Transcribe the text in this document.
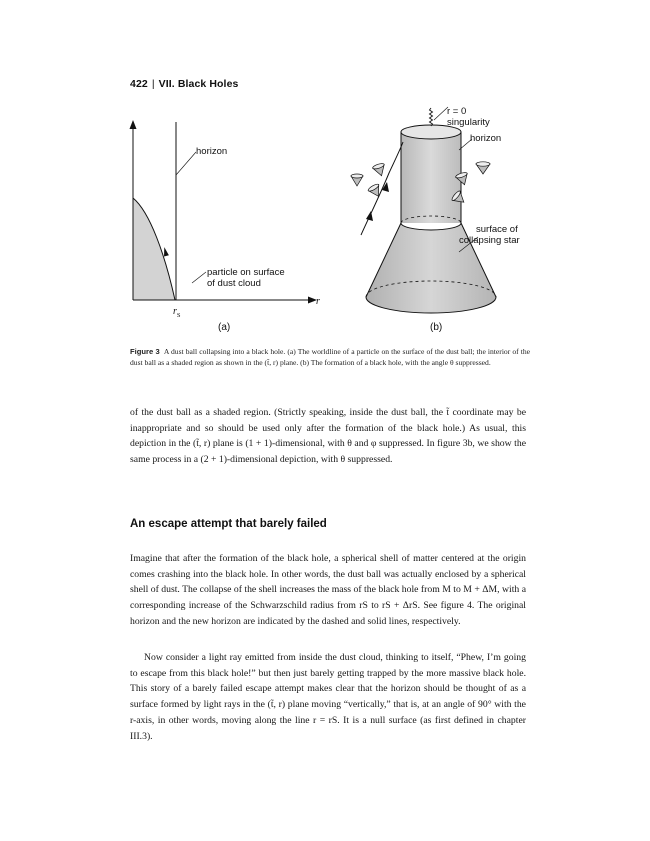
422 | VII. Black Holes
horizon
particle on surface
of dust cloud
r
$r_S$
(a)
r = 0
singularity
horizon
surface of
collapsing star
(b)
Figure 3 A dust ball collapsing into a black hole. (a) The worldline of a particle on the surface of the dust ball; the interior of the dust ball as a shaded region as shown in the (t̃, r) plane. (b) The formation of a black hole, with the angle θ suppressed.

of the dust ball as a shaded region. (Strictly speaking, inside the dust ball, the t̃ coordinate may be inappropriate and so should be used only after the formation of the black hole.) As usual, this depiction in the (t̃, r) plane is (1 + 1)-dimensional, with θ and φ suppressed. In figure 3b, we show the same process in a (2 + 1)-dimensional depiction, with θ suppressed.

An escape attempt that barely failed

Imagine that after the formation of the black hole, a spherical shell of matter centered at the origin comes crashing into the black hole. In other words, the dust ball was actually enclosed by a spherical shell of dust. The collapse of the shell increases the mass of the black hole from M to M + ΔM, with a corresponding increase of the Schwarzschild radius from rS to rS + ΔrS. See figure 4. The original horizon and the new horizon are indicated by the dashed and solid lines, respectively.

Now consider a light ray emitted from inside the dust cloud, thinking to itself, “Phew, I’m going to escape from this black hole!” but then just barely getting trapped by the more massive black hole. This story of a barely failed escape attempt makes clear that the horizon should be thought of as a surface formed by light rays in the (t̃, r) plane moving “vertically,” that is, at an angle of 90° with the r-axis, in other words, moving along the line r = rS. It is a null surface (as first defined in chapter III.3).
